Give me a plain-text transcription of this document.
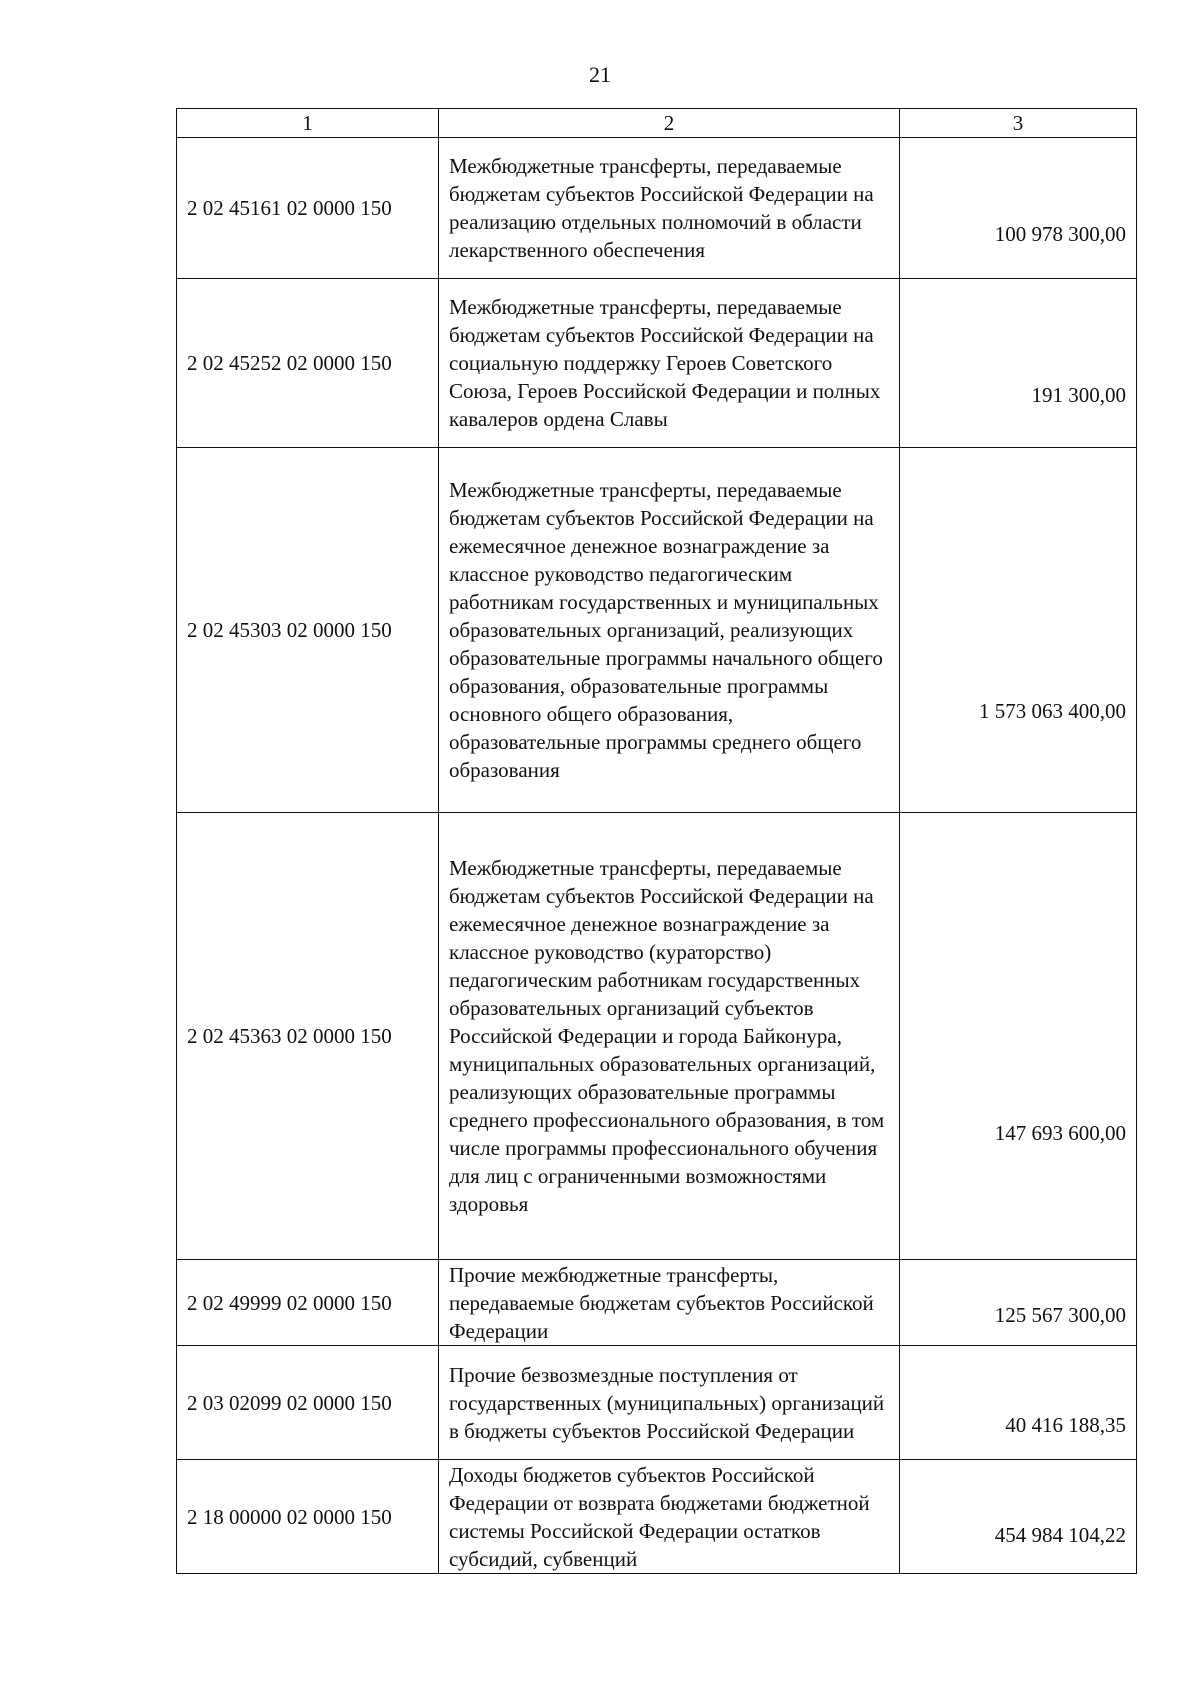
21
1	2	3
2 02 45161 02 0000 150	Межбюджетные трансферты, передаваемые бюджетам субъектов Российской Федерации на реализацию отдельных полномочий в области лекарственного обеспечения	100 978 300,00

2 02 45252 02 0000 150	Межбюджетные трансферты, передаваемые бюджетам субъектов Российской Федерации на социальную поддержку Героев Советского Союза, Героев Российской Федерации и полных кавалеров ордена Славы	191 300,00

2 02 45303 02 0000 150	Межбюджетные трансферты, передаваемые бюджетам субъектов Российской Федерации на ежемесячное денежное вознаграждение за классное руководство педагогическим работникам государственных и муниципальных образовательных организаций, реализующих образовательные программы начального общего образования, образовательные программы основного общего образования, образовательные программы среднего общего образования	1 573 063 400,00

2 02 45363 02 0000 150	Межбюджетные трансферты, передаваемые бюджетам субъектов Российской Федерации на ежемесячное денежное вознаграждение за классное руководство (кураторство) педагогическим работникам государственных образовательных организаций субъектов Российской Федерации и города Байконура, муниципальных образовательных организаций, реализующих образовательные программы среднего профессионального образования, в том числе программы профессионального обучения для лиц с ограниченными возможностями здоровья	147 693 600,00

2 02 49999 02 0000 150	Прочие межбюджетные трансферты, передаваемые бюджетам субъектов Российской Федерации	125 567 300,00

2 03 02099 02 0000 150	Прочие безвозмездные поступления от государственных (муниципальных) организаций в бюджеты субъектов Российской Федерации	40 416 188,35

2 18 00000 02 0000 150	Доходы бюджетов субъектов Российской Федерации от возврата бюджетами бюджетной системы Российской Федерации остатков субсидий, субвенций	454 984 104,22
